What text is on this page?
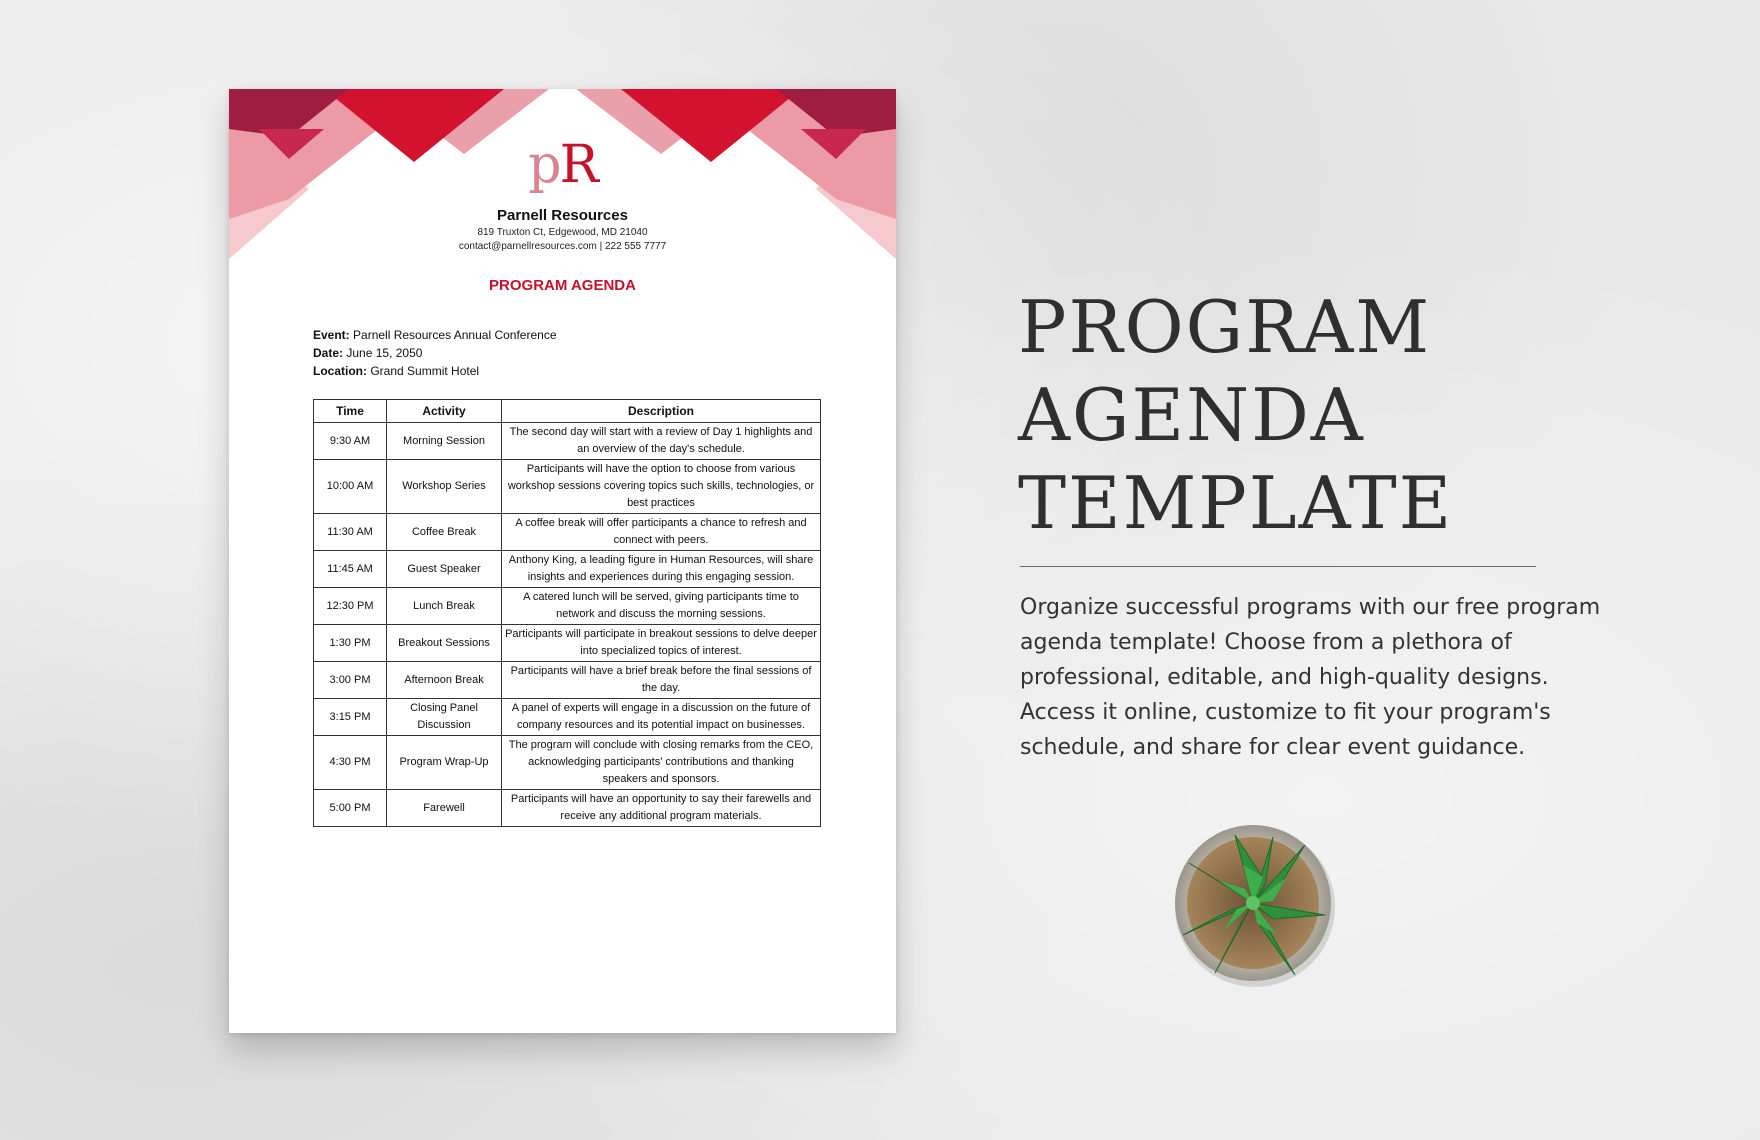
pR
Parnell Resources
819 Truxton Ct, Edgewood, MD 21040
contact@parnellresources.com | 222 555 7777
PROGRAM AGENDA
Event: Parnell Resources Annual Conference
Date: June 15, 2050
Location: Grand Summit Hotel
Time	Activity	Description
9:30 AM	Morning Session	The second day will start with a review of Day 1 highlights and an overview of the day's schedule.
10:00 AM	Workshop Series	Participants will have the option to choose from various workshop sessions covering topics such skills, technologies, or best practices
11:30 AM	Coffee Break	A coffee break will offer participants a chance to refresh and connect with peers.
11:45 AM	Guest Speaker	Anthony King, a leading figure in Human Resources, will share insights and experiences during this engaging session.
12:30 PM	Lunch Break	A catered lunch will be served, giving participants time to network and discuss the morning sessions.
1:30 PM	Breakout Sessions	Participants will participate in breakout sessions to delve deeper into specialized topics of interest.
3:00 PM	Afternoon Break	Participants will have a brief break before the final sessions of the day.
3:15 PM	Closing Panel Discussion	A panel of experts will engage in a discussion on the future of company resources and its potential impact on businesses.
4:30 PM	Program Wrap-Up	The program will conclude with closing remarks from the CEO, acknowledging participants' contributions and thanking speakers and sponsors.
5:00 PM	Farewell	Participants will have an opportunity to say their farewells and receive any additional program materials.
PROGRAM
AGENDA
TEMPLATE
Organize successful programs with our free program agenda template! Choose from a plethora of professional, editable, and high-quality designs. Access it online, customize to fit your program's schedule, and share for clear event guidance.
